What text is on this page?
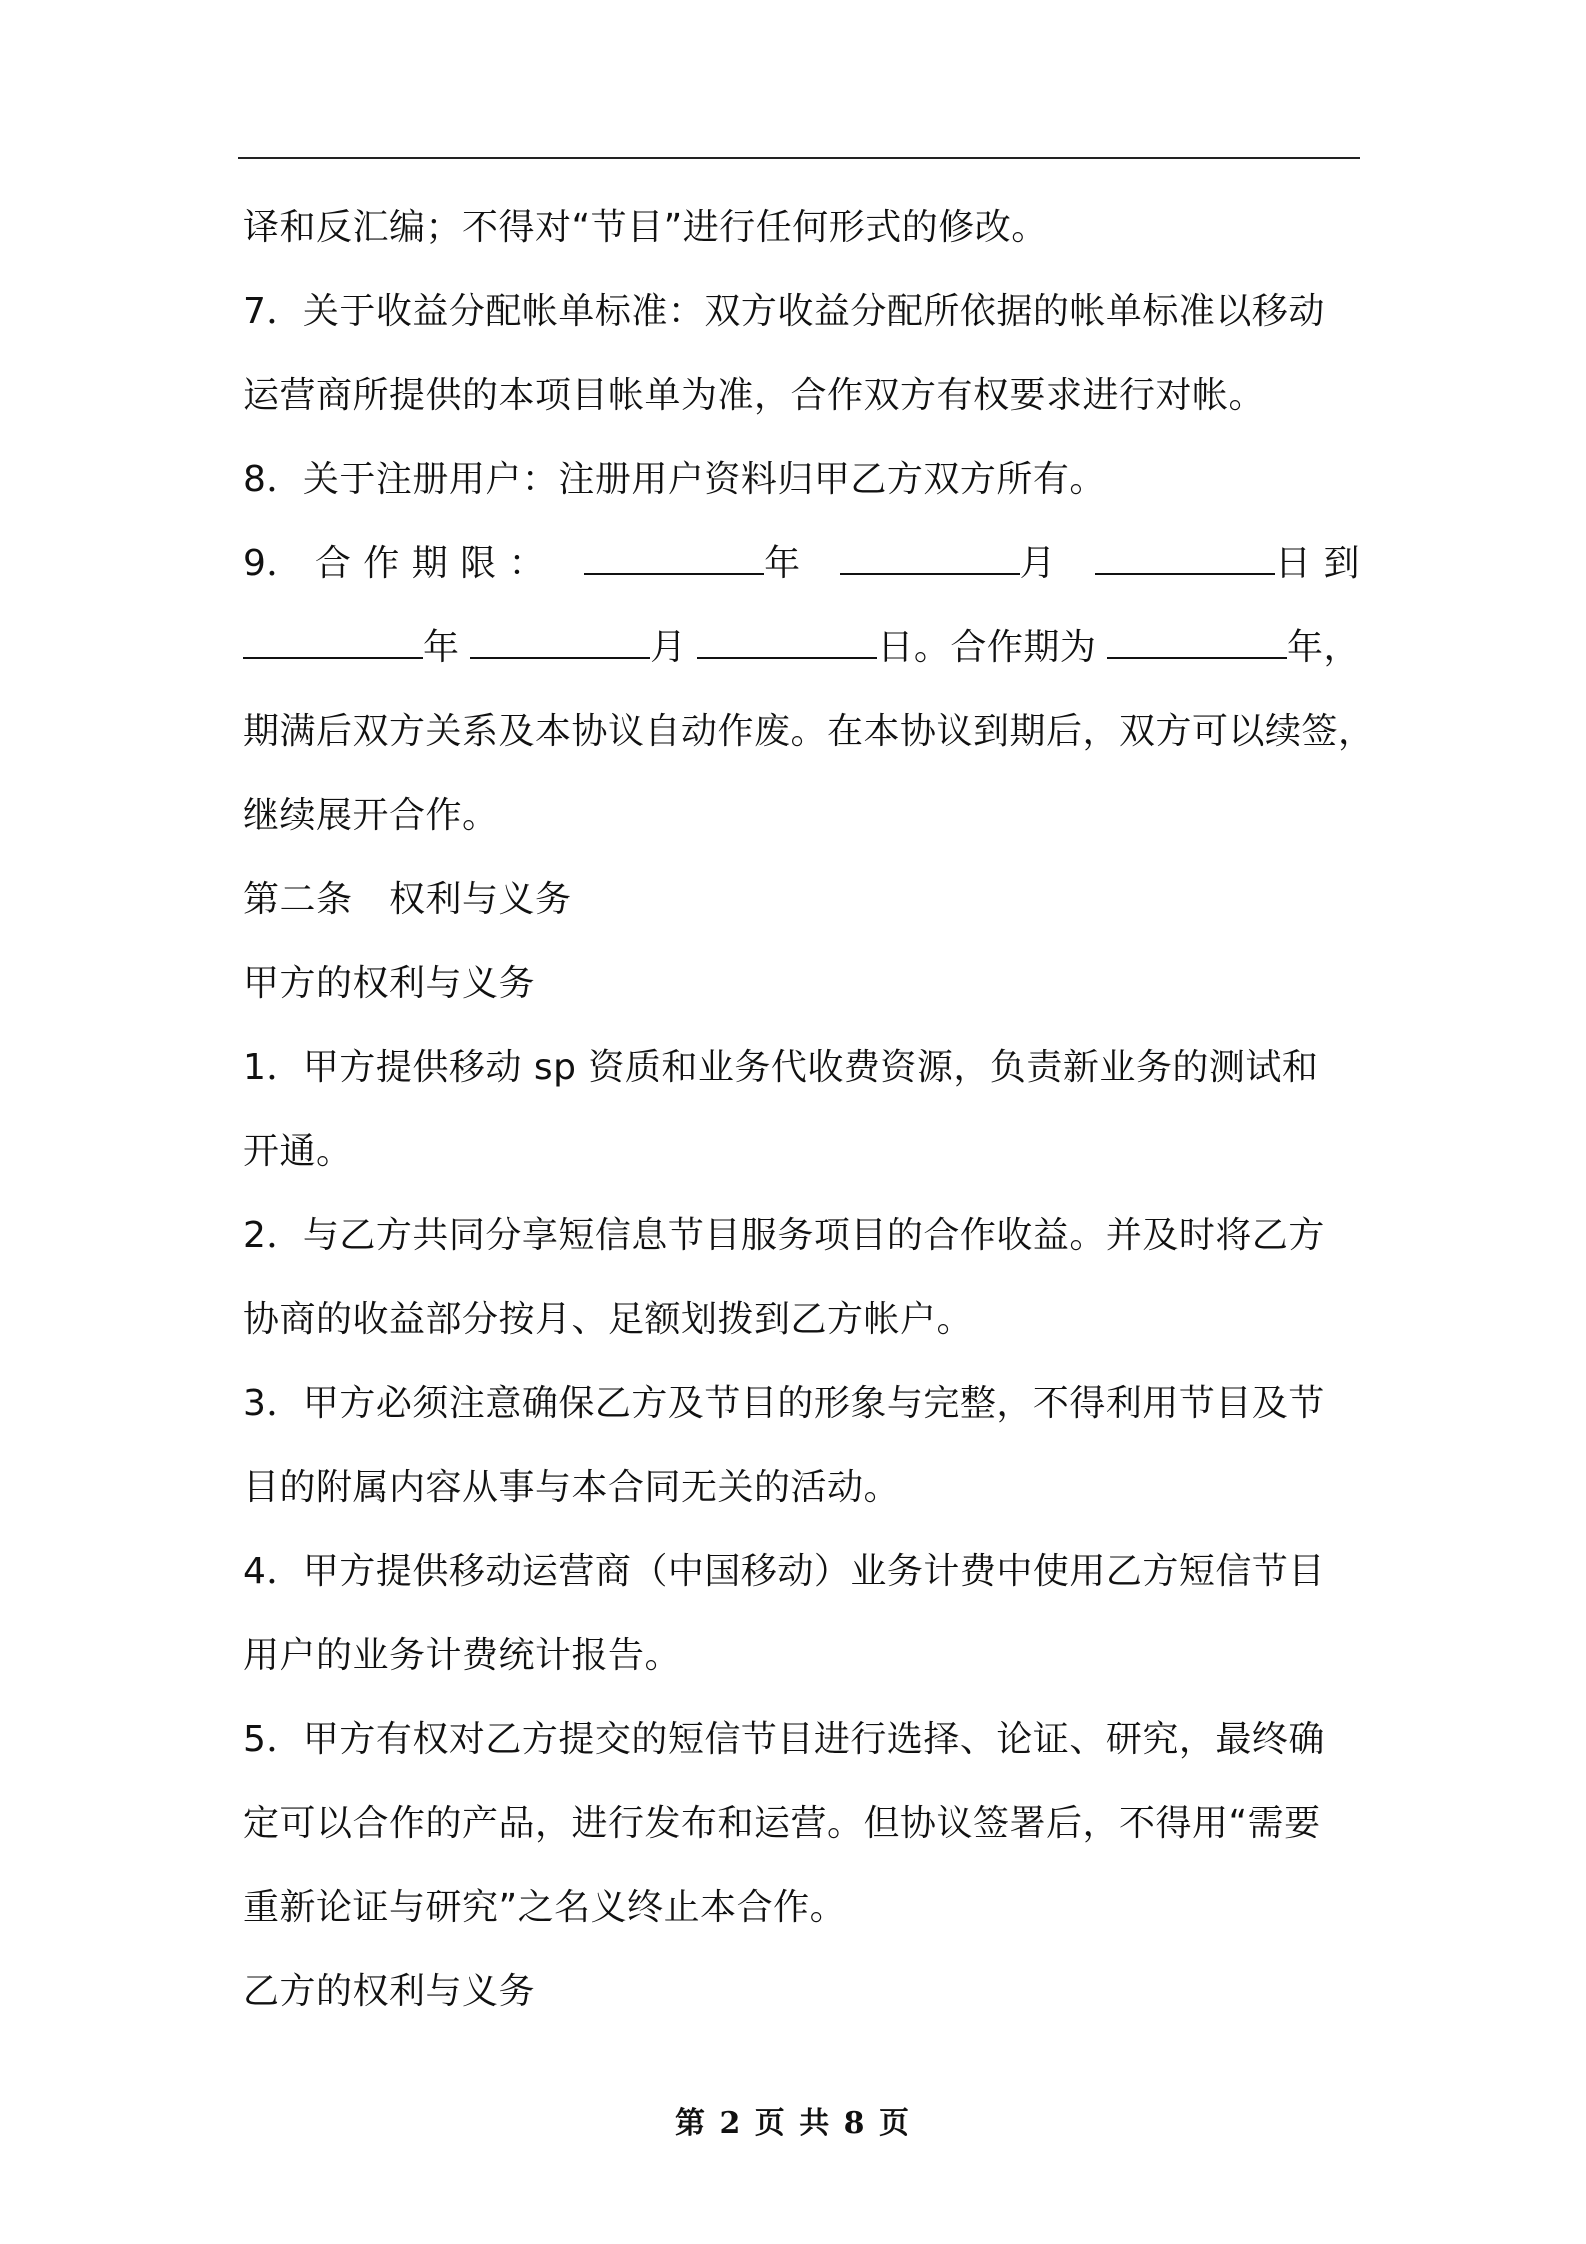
译和反汇编；不得对“节目”进行任何形式的修改。
7．关于收益分配帐单标准：双方收益分配所依据的帐单标准以移动
运营商所提供的本项目帐单为准，合作双方有权要求进行对帐。
8．关于注册用户：注册用户资料归甲乙方双方所有。
9． 合 作 期 限 ：	年	月	日 到
年	月	日。合作期为	年，
期满后双方关系及本协议自动作废。在本协议到期后，双方可以续签，
继续展开合作。
第二条　权利与义务
甲方的权利与义务
1．甲方提供移动 sp 资质和业务代收费资源，负责新业务的测试和
开通。
2．与乙方共同分享短信息节目服务项目的合作收益。并及时将乙方
协商的收益部分按月、足额划拨到乙方帐户。
3．甲方必须注意确保乙方及节目的形象与完整，不得利用节目及节
目的附属内容从事与本合同无关的活动。
4．甲方提供移动运营商（中国移动）业务计费中使用乙方短信节目
用户的业务计费统计报告。
5．甲方有权对乙方提交的短信节目进行选择、论证、研究，最终确
定可以合作的产品，进行发布和运营。但协议签署后，不得用“需要
重新论证与研究”之名义终止本合作。
乙方的权利与义务
第 2 页 共 8 页
